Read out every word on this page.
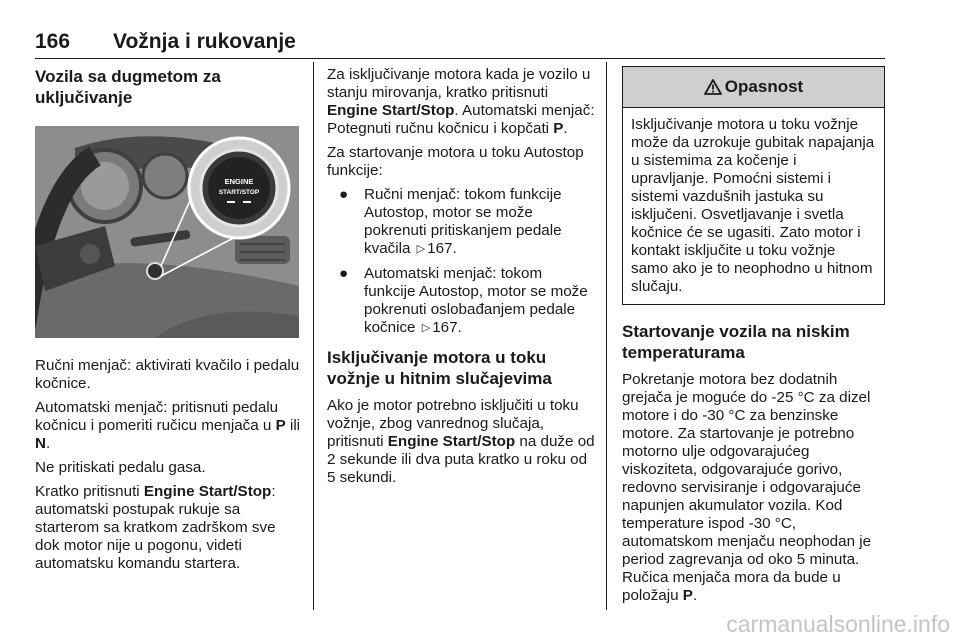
166 Vožnja i rukovanje
Vozila sa dugmetom za uključivanje
ENGINE
START/STOP

Ručni menjač: aktivirati kvačilo i pedalu kočnice.

Automatski menjač: pritisnuti pedalu kočnicu i pomeriti ručicu menjača u P ili N.

Ne pritiskati pedalu gasa.

Kratko pritisnuti Engine Start/Stop: automatski postupak rukuje sa starterom sa kratkom zadrškom sve dok motor nije u pogonu, videti automatsku komandu startera.

Za isključivanje motora kada je vozilo u stanju mirovanja, kratko pritisnuti Engine Start/Stop. Automatski menjač: Potegnuti ručnu kočnicu i kopčati P.

Za startovanje motora u toku Autostop funkcije:

● Ručni menjač: tokom funkcije Autostop, motor se može pokrenuti pritiskanjem pedale kvačila ▷ 167.
● Automatski menjač: tokom funkcije Autostop, motor se može pokrenuti oslobađanjem pedale kočnice ▷ 167.
Isključivanje motora u toku vožnje u hitnim slučajevima

Ako je motor potrebno isključiti u toku vožnje, zbog vanrednog slučaja, pritisnuti Engine Start/Stop na duže od 2 sekunde ili dva puta kratko u roku od 5 sekundi.

Opasnost
Isključivanje motora u toku vožnje može da uzrokuje gubitak napajanja u sistemima za kočenje i upravljanje. Pomoćni sistemi i sistemi vazdušnih jastuka su isključeni. Osvetljavanje i svetla kočnice će se ugasiti. Zato motor i kontakt isključite u toku vožnje samo ako je to neophodno u hitnom slučaju.
Startovanje vozila na niskim temperaturama

Pokretanje motora bez dodatnih grejača je moguće do -25 °C za dizel motore i do -30 °C za benzinske motore. Za startovanje je potrebno motorno ulje odgovarajućeg viskoziteta, odgovarajuće gorivo, redovno servisiranje i odgovarajuće napunjen akumulator vozila. Kod temperature ispod -30 °C, automatskom menjaču neophodan je period zagrevanja od oko 5 minuta. Ručica menjača mora da bude u položaju P.

carmanualsonline.info
